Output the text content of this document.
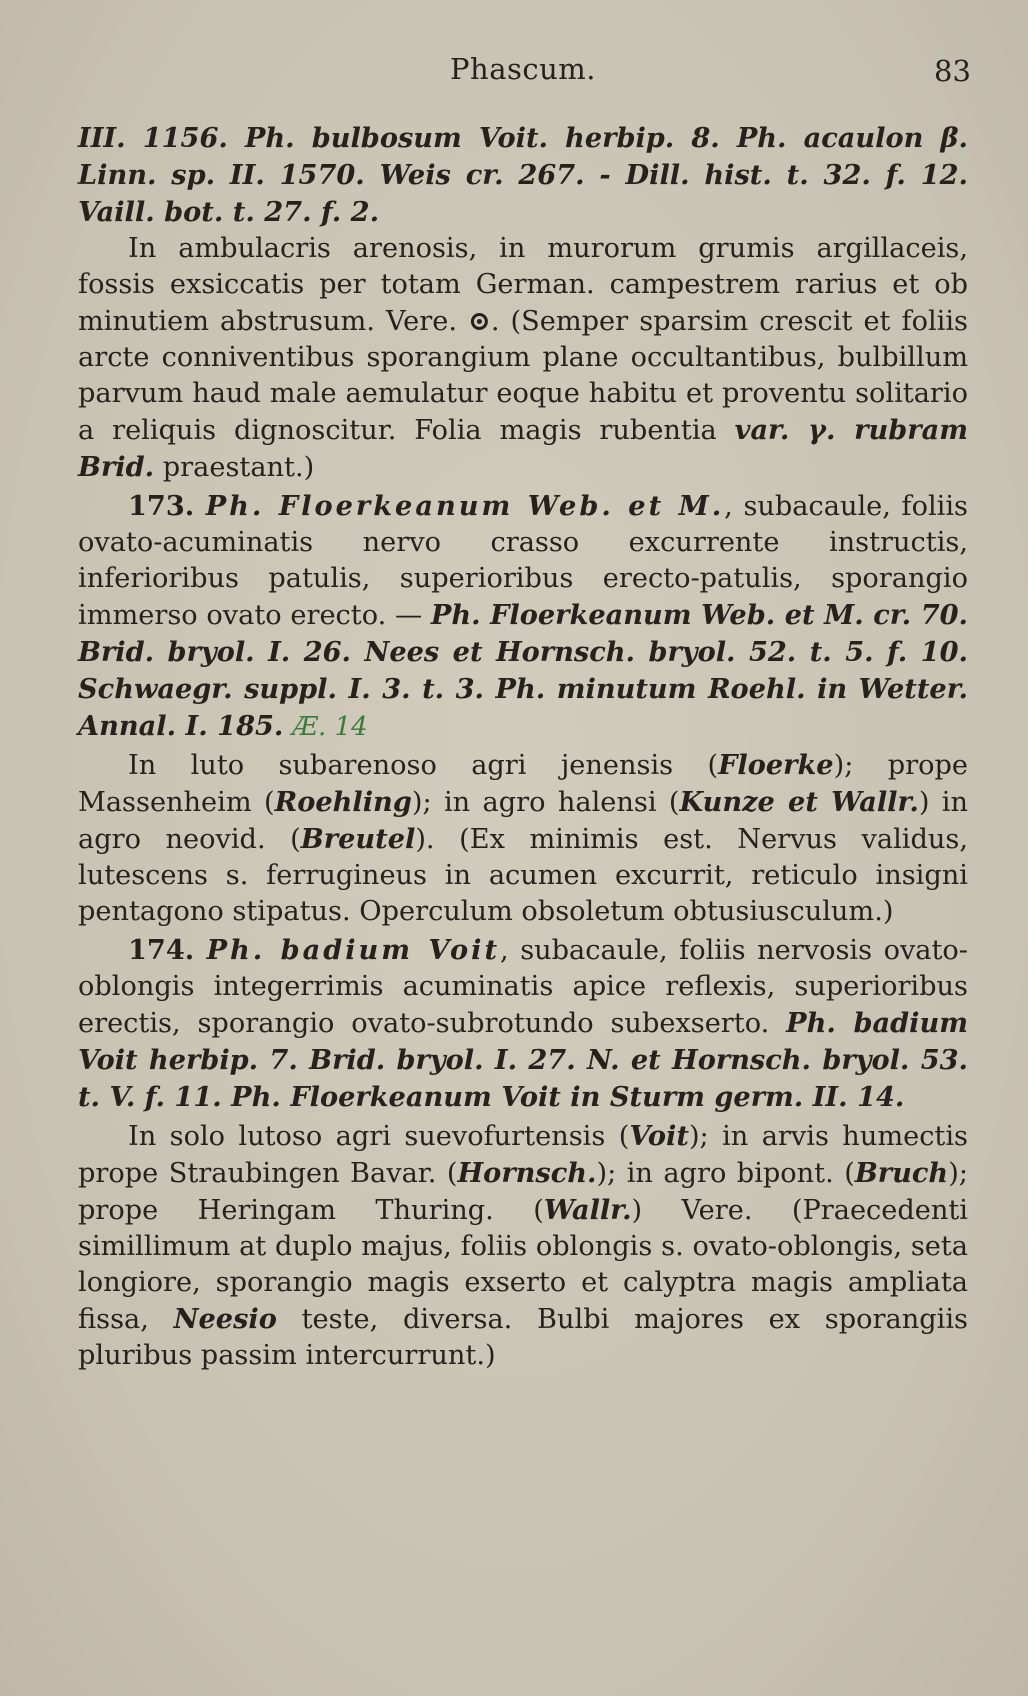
Phascum.	83

III. 1156. Ph. bulbosum Voit. herbip. 8. Ph. acaulon β. Linn. sp. II. 1570. Weis cr. 267. - Dill. hist. t. 32. f. 12. Vaill. bot. t. 27. f. 2.

In ambulacris arenosis, in murorum grumis argillaceis, fossis exsiccatis per totam German. campestrem rarius et ob minutiem abstrusum. Vere. ⊙. (Semper sparsim crescit et foliis arcte conniventibus sporangium plane occultantibus, bulbillum parvum haud male aemulatur eoque habitu et proventu solitario a reliquis dignoscitur. Folia magis rubentia var. γ. rubram Brid. praestant.)

173. Ph. Floerkeanum Web. et M., subacaule, foliis ovato-acuminatis nervo crasso excurrente instructis, inferioribus patulis, superioribus erecto-patulis, sporangio immerso ovato erecto. — Ph. Floerkeanum Web. et M. cr. 70. Brid. bryol. I. 26. Nees et Hornsch. bryol. 52. t. 5. f. 10. Schwaegr. suppl. I. 3. t. 3. Ph. minutum Roehl. in Wetter. Annal. I. 185. Æ. 14

In luto subarenoso agri jenensis (Floerke); prope Massenheim (Roehling); in agro halensi (Kunze et Wallr.) in agro neovid. (Breutel). (Ex minimis est. Nervus validus, lutescens s. ferrugineus in acumen excurrit, reticulo insigni pentagono stipatus. Operculum obsoletum obtusiusculum.)

174. Ph. badium Voit, subacaule, foliis nervosis ovato-oblongis integerrimis acuminatis apice reflexis, superioribus erectis, sporangio ovato-subrotundo subexserto. Ph. badium Voit herbip. 7. Brid. bryol. I. 27. N. et Hornsch. bryol. 53. t. V. f. 11. Ph. Floerkeanum Voit in Sturm germ. II. 14.

In solo lutoso agri suevofurtensis (Voit); in arvis humectis prope Straubingen Bavar. (Hornsch.); in agro bipont. (Bruch); prope Heringam Thuring. (Wallr.) Vere. (Praecedenti simillimum at duplo majus, foliis oblongis s. ovato-oblongis, seta longiore, sporangio magis exserto et calyptra magis ampliata fissa, Neesio teste, diversa. Bulbi majores ex sporangiis pluribus passim intercurrunt.)
